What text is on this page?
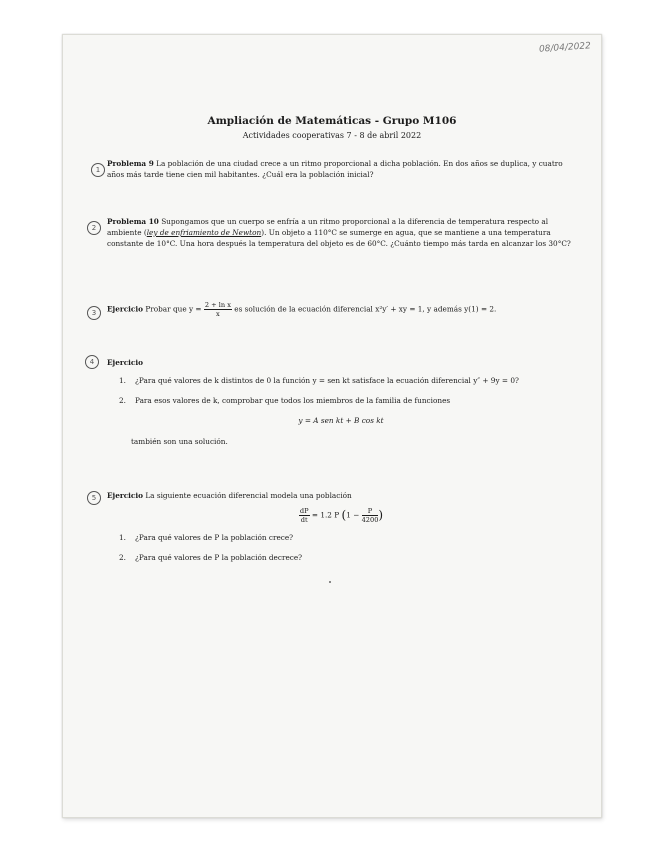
08/04/2022
Ampliación de Matemáticas - Grupo M106
Actividades cooperativas 7 - 8 de abril 2022
1
Problema 9 La población de una ciudad crece a un ritmo proporcional a dicha población. En dos años se duplica, y cuatro años más tarde tiene cien mil habitantes. ¿Cuál era la población inicial?
2
Problema 10 Supongamos que un cuerpo se enfría a un ritmo proporcional a la diferencia de temperatura respecto al ambiente (ley de enfriamiento de Newton). Un objeto a 110°C se sumerge en agua, que se mantiene a una temperatura constante de 10°C. Una hora después la temperatura del objeto es de 60°C. ¿Cuánto tiempo más tarda en alcanzar los 30°C?
3	Ejercicio Probar que $y = \frac{\text{2 + ln x}}{x}$ es solución de la ecuación diferencial x²y′ + xy = 1, y además y(1) = 2.
4	Ejercicio
1.	¿Para qué valores de k distintos de 0 la función y = sen kt satisface la ecuación diferencial y″ + 9y = 0?
2.	Para esos valores de k, comprobar que todos los miembros de la familia de funciones
y = A sen kt + B cos kt
también son una solución.
5	Ejercicio La siguiente ecuación diferencial modela una población
$\frac{dP}{dt} = 1.2$ P ($1 - \frac{P}{4200}$ )
1.	¿Para qué valores de P la población crece?
2.	¿Para qué valores de P la población decrece?
